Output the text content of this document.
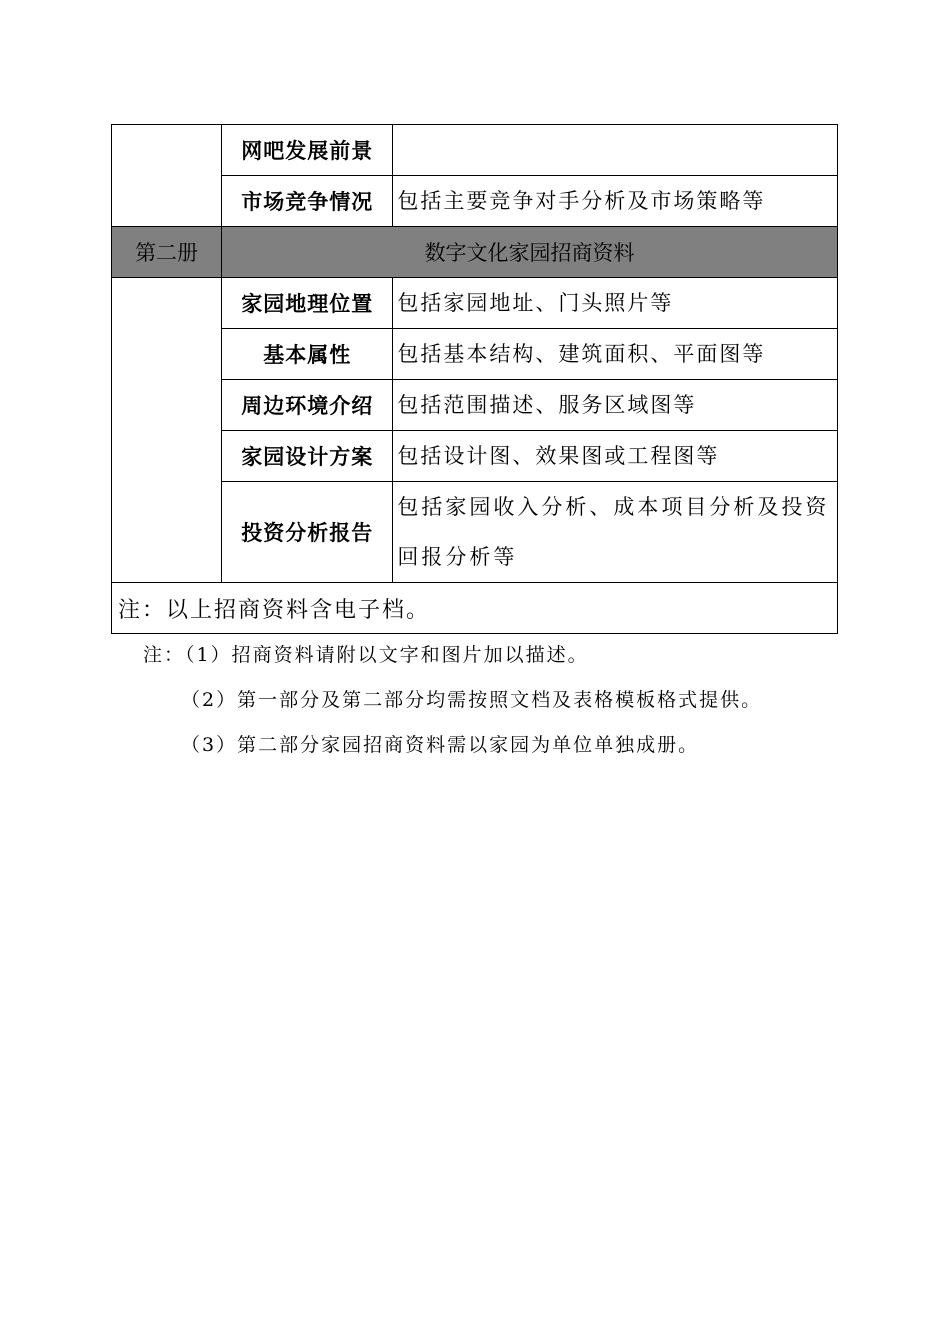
	网吧发展前景	
	市场竞争情况	包括主要竞争对手分析及市场策略等
第二册	数字文化家园招商资料	
	家园地理位置	包括家园地址、门头照片等
	基本属性	包括基本结构、建筑面积、平面图等
	周边环境介绍	包括范围描述、服务区域图等
	家园设计方案	包括设计图、效果图或工程图等
	投资分析报告	包括家园收入分析、成本项目分析及投资回报分析等
注：以上招商资料含电子档。		
注：（1）招商资料请附以文字和图片加以描述。
（2）第一部分及第二部分均需按照文档及表格模板格式提供。
（3）第二部分家园招商资料需以家园为单位单独成册。
